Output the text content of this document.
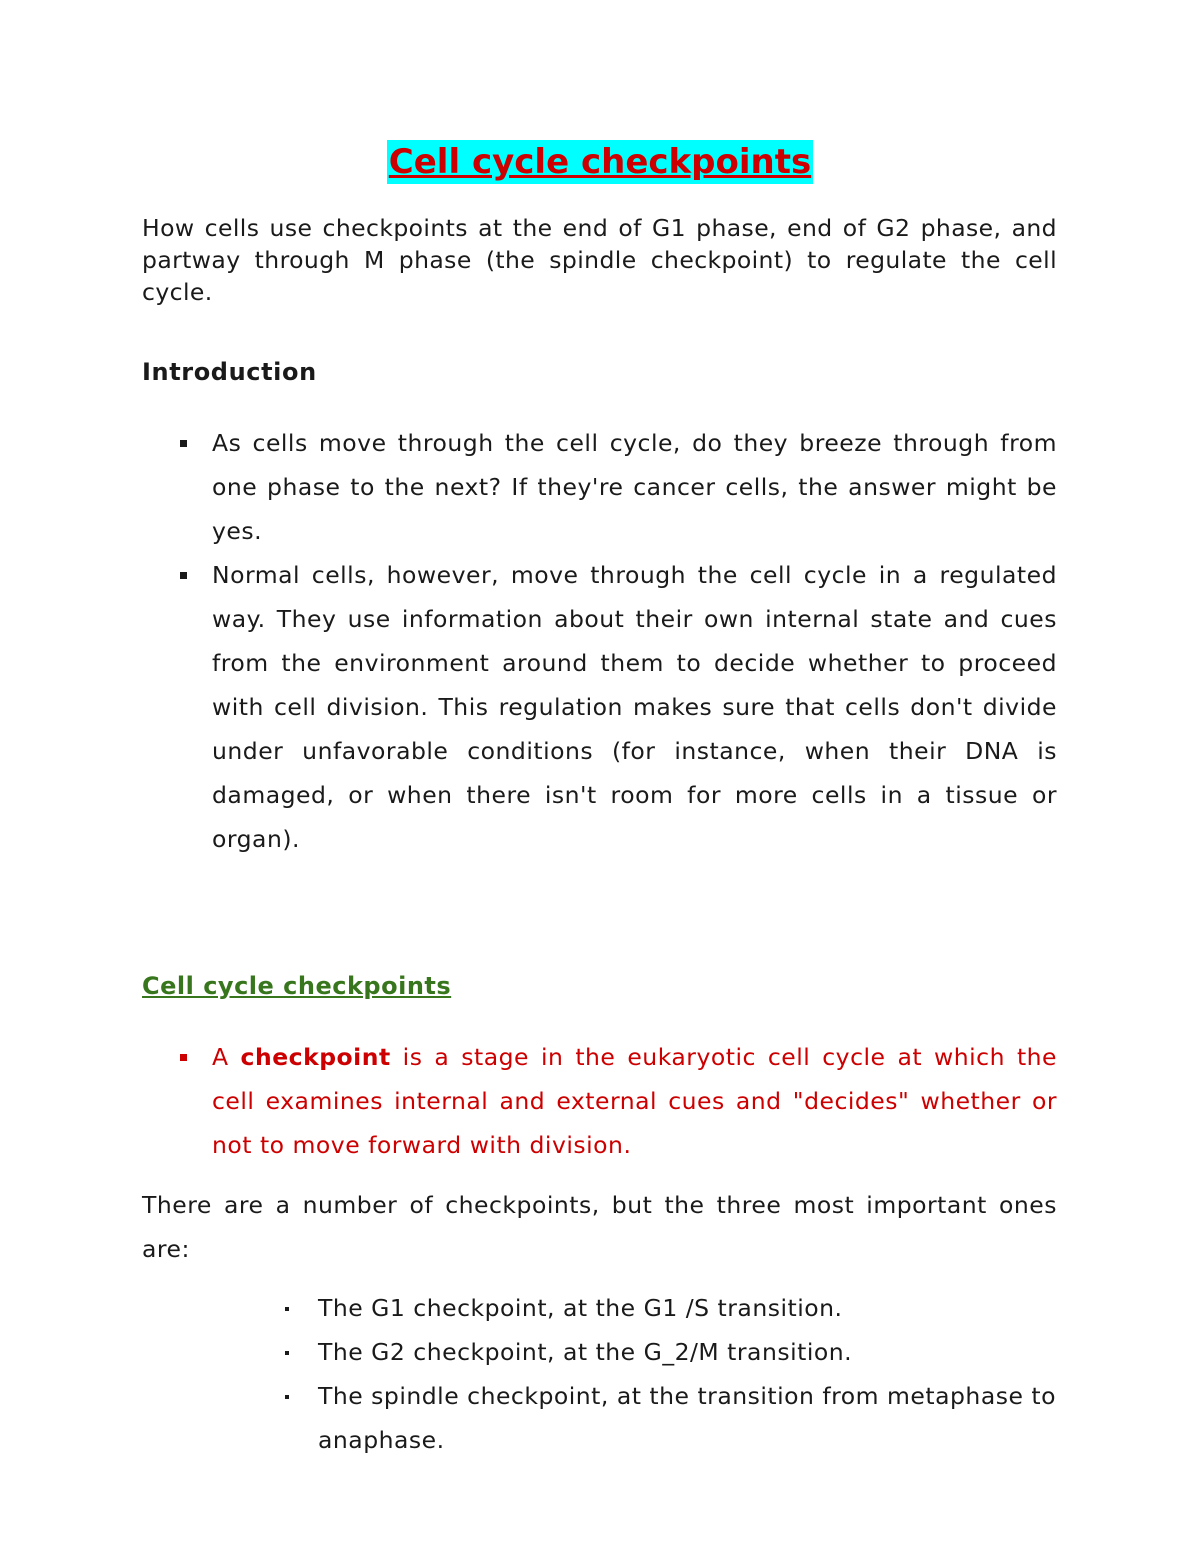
Cell cycle checkpoints

How cells use checkpoints at the end of G1 phase, end of G2 phase, and partway through M phase (the spindle checkpoint) to regulate the cell cycle.

Introduction
As cells move through the cell cycle, do they breeze through from one phase to the next? If they're cancer cells, the answer might be yes.
Normal cells, however, move through the cell cycle in a regulated way. They use information about their own internal state and cues from the environment around them to decide whether to proceed with cell division. This regulation makes sure that cells don't divide under unfavorable conditions (for instance, when their DNA is damaged, or when there isn't room for more cells in a tissue or organ).
Cell cycle checkpoints
A checkpoint is a stage in the eukaryotic cell cycle at which the cell examines internal and external cues and "decides" whether or not to move forward with division.

There are a number of checkpoints, but the three most important ones are:

The G1 checkpoint, at the G1 /S transition.
The G2 checkpoint, at the G_2/M transition.
The spindle checkpoint, at the transition from metaphase to anaphase.
